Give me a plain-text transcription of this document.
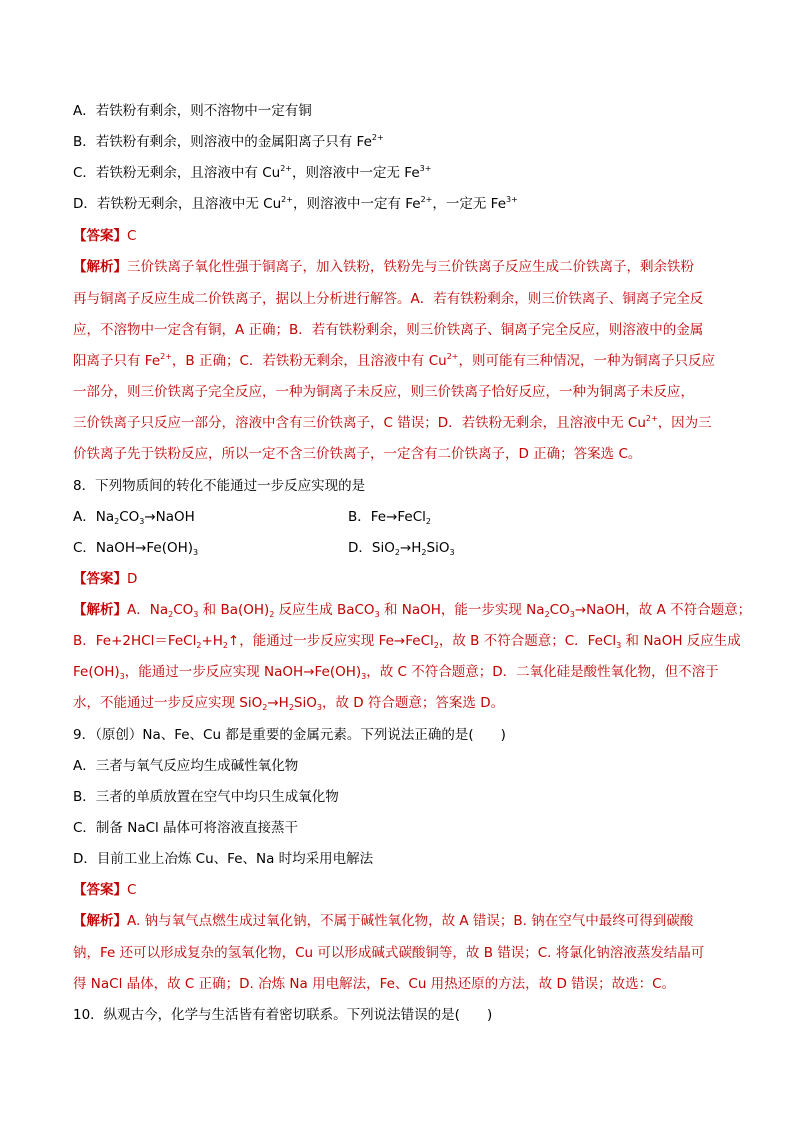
A．若铁粉有剩余，则不溶物中一定有铜
B．若铁粉有剩余，则溶液中的金属阳离子只有 $Fe^{2+}$
C．若铁粉无剩余，且溶液中有 $Cu^{2+}$，则溶液中一定无 $Fe^{3+}$
D．若铁粉无剩余，且溶液中无 $Cu^{2+}$，则溶液中一定有 $Fe^{2+}$，一定无 $Fe^{3+}$
【答案】C
【解析】三价铁离子氧化性强于铜离子，加入铁粉，铁粉先与三价铁离子反应生成二价铁离子，剩余铁粉
再与铜离子反应生成二价铁离子，据以上分析进行解答。A．若有铁粉剩余，则三价铁离子、铜离子完全反
应，不溶物中一定含有铜，A 正确；B．若有铁粉剩余，则三价铁离子、铜离子完全反应，则溶液中的金属
阳离子只有 $Fe^{2+}$，B 正确；C．若铁粉无剩余，且溶液中有 $Cu^{2+}$，则可能有三种情况，一种为铜离子只反应
一部分，则三价铁离子完全反应，一种为铜离子未反应，则三价铁离子恰好反应，一种为铜离子未反应，
三价铁离子只反应一部分，溶液中含有三价铁离子，C 错误；D．若铁粉无剩余，且溶液中无 $Cu^{2+}$，因为三
价铁离子先于铁粉反应，所以一定不含三价铁离子，一定含有二价铁离子，D 正确；答案选 C。
8．下列物质间的转化不能通过一步反应实现的是
A．$Na_2CO_3\to NaOH$	B．Fe→FeCl$_2$
C．$NaOH\to Fe(OH)_3$	D．$SiO_2\to H_2SiO_3$
【答案】D
【解析】A．$Na_2CO_3$ 和 $Ba(OH)_2$ 反应生成 BaCO$_3$ 和 NaOH，能一步实现 $Na_2CO_3\to NaOH$，故 A 不符合题意；
B．$Fe+2HCl=FeCl_2+H_2↑$，能通过一步反应实现 Fe→FeCl$_2$，故 B 不符合题意；C．FeCl$_3$ 和 NaOH 反应生成
$Fe(OH)_3$，能通过一步反应实现 $NaOH\to Fe(OH)_3$，故 C 不符合题意；D．二氧化硅是酸性氧化物，但不溶于
水，不能通过一步反应实现 $SiO_2\to H_2SiO_3$，故 D 符合题意；答案选 D。
9．（原创）Na、Fe、Cu 都是重要的金属元素。下列说法正确的是(　　)
A．三者与氧气反应均生成碱性氧化物
B．三者的单质放置在空气中均只生成氧化物
C．制备 NaCl 晶体可将溶液直接蒸干
D．目前工业上冶炼 Cu、Fe、Na 时均采用电解法
【答案】C
【解析】A. 钠与氧气点燃生成过氧化钠，不属于碱性氧化物，故 A 错误；B. 钠在空气中最终可得到碳酸
钠，Fe 还可以形成复杂的氢氧化物，Cu 可以形成碱式碳酸铜等，故 B 错误；C. 将氯化钠溶液蒸发结晶可
得 NaCl 晶体，故 C 正确；D. 冶炼 Na 用电解法，Fe、Cu 用热还原的方法，故 D 错误；故选：C。
10．纵观古今，化学与生活皆有着密切联系。下列说法错误的是(　　)
